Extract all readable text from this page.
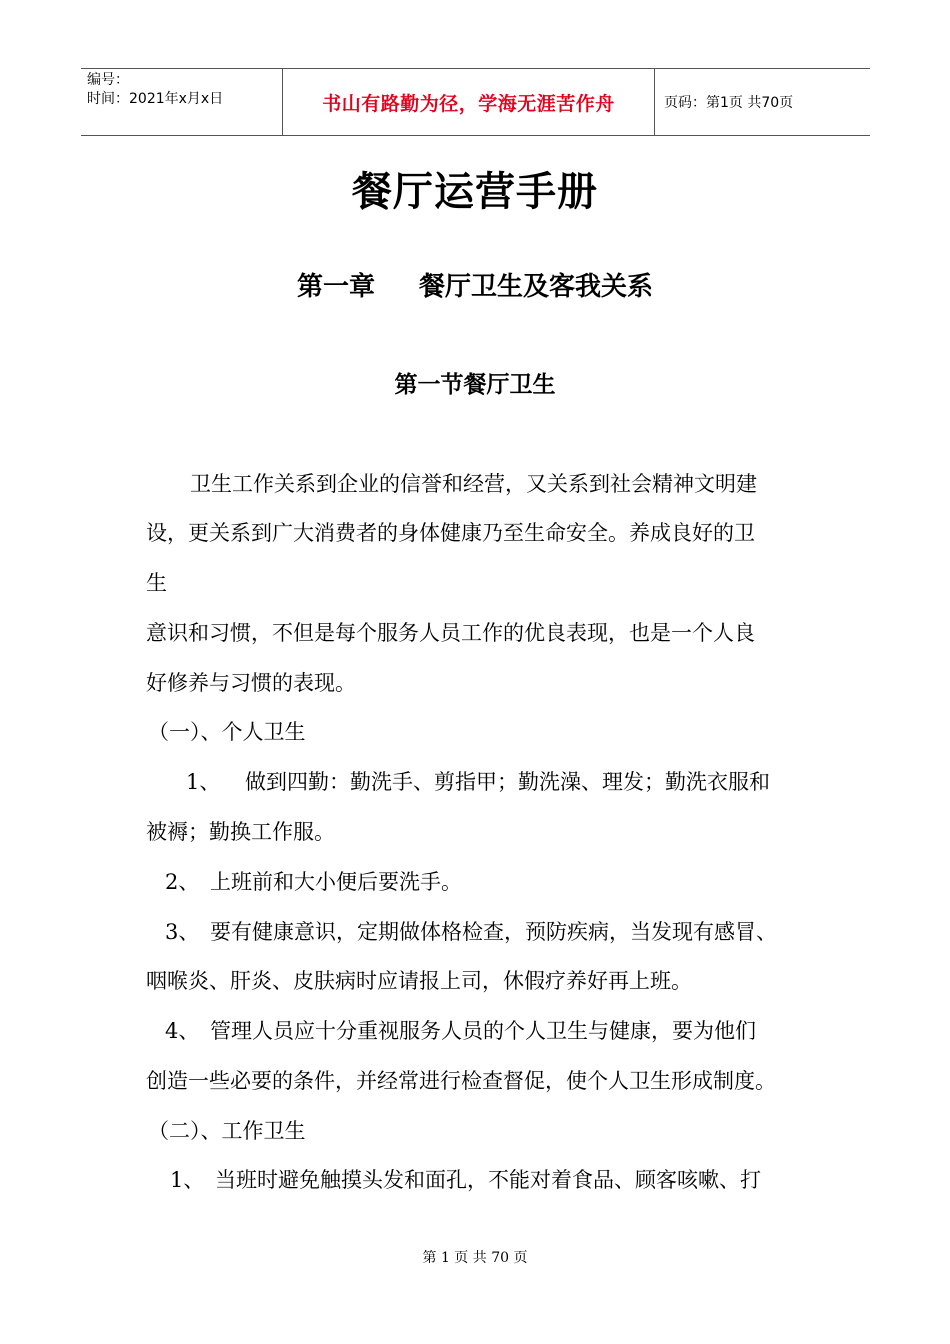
编号：
时间：2021年x月x日	书山有路勤为径，学海无涯苦作舟	页码：第1页 共70页
餐厅运营手册
第一章 餐厅卫生及客我关系
第一节餐厅卫生
卫生工作关系到企业的信誉和经营，又关系到社会精神文明建
设，更关系到广大消费者的身体健康乃至生命安全。养成良好的卫
生
意识和习惯，不但是每个服务人员工作的优良表现，也是一个人良
好修养与习惯的表现。
（一）、个人卫生
1、 做到四勤：勤洗手、剪指甲；勤洗澡、理发；勤洗衣服和
被褥；勤换工作服。
2、 上班前和大小便后要洗手。
3、 要有健康意识，定期做体格检查，预防疾病，当发现有感冒、
咽喉炎、肝炎、皮肤病时应请报上司，休假疗养好再上班。
4、 管理人员应十分重视服务人员的个人卫生与健康，要为他们
创造一些必要的条件，并经常进行检查督促，使个人卫生形成制度。
（二）、工作卫生
1、 当班时避免触摸头发和面孔，不能对着食品、顾客咳嗽、打
第 1 页 共 70 页
